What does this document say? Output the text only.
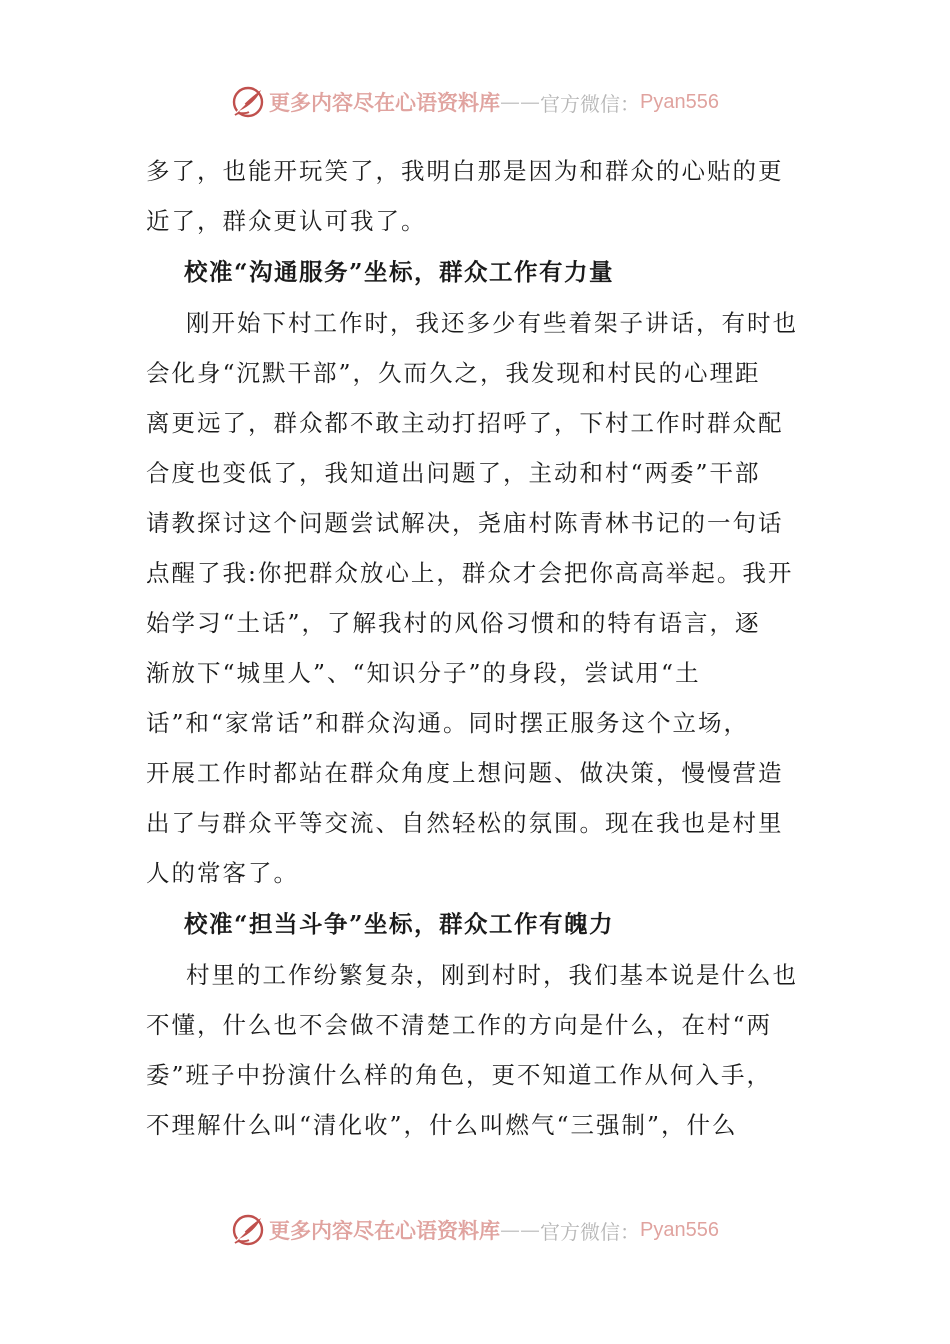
更多内容尽在心语资料库 —— 官方微信： Pyan556
多了，也能开玩笑了，我明白那是因为和群众的心贴的更
近了，群众更认可我了。
校准“沟通服务”坐标，群众工作有力量
刚开始下村工作时，我还多少有些着架子讲话，有时也
会化身“沉默干部”，久而久之，我发现和村民的心理距
离更远了，群众都不敢主动打招呼了，下村工作时群众配
合度也变低了，我知道出问题了，主动和村“两委”干部
请教探讨这个问题尝试解决，尧庙村陈青林书记的一句话
点醒了我:你把群众放心上，群众才会把你高高举起。我开
始学习“土话”，了解我村的风俗习惯和的特有语言，逐
渐放下“城里人”、“知识分子”的身段，尝试用“土
话”和“家常话”和群众沟通。同时摆正服务这个立场，
开展工作时都站在群众角度上想问题、做决策，慢慢营造
出了与群众平等交流、自然轻松的氛围。现在我也是村里
人的常客了。
校准“担当斗争”坐标，群众工作有魄力
村里的工作纷繁复杂，刚到村时，我们基本说是什么也
不懂，什么也不会做不清楚工作的方向是什么，在村“两
委”班子中扮演什么样的角色，更不知道工作从何入手，
不理解什么叫“清化收”，什么叫燃气“三强制”，什么
更多内容尽在心语资料库 —— 官方微信： Pyan556
